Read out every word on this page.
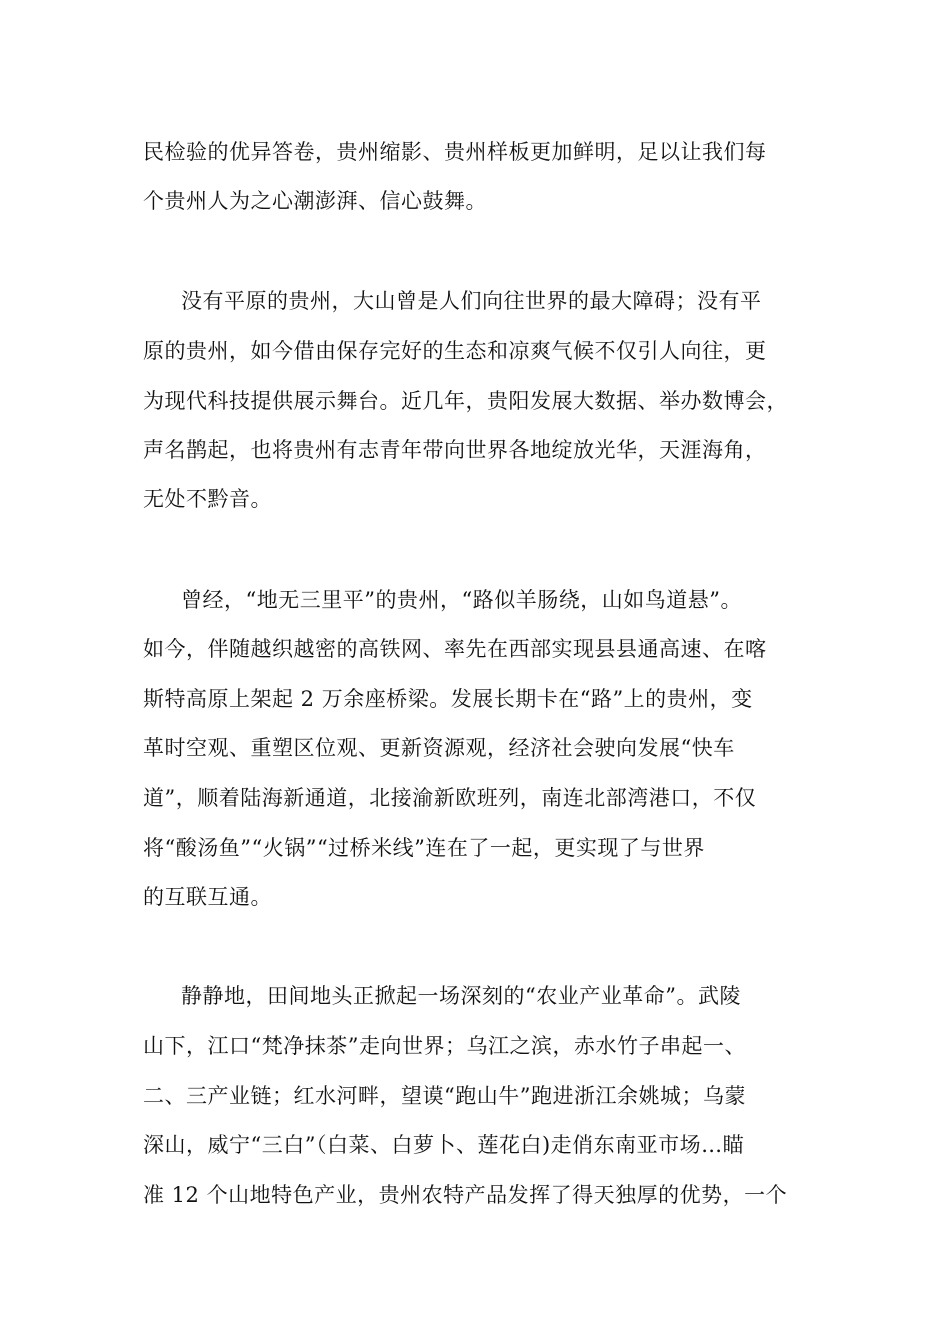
民检验的优异答卷，贵州缩影、贵州样板更加鲜明，足以让我们每
个贵州人为之心潮澎湃、信心鼓舞。
没有平原的贵州，大山曾是人们向往世界的最大障碍；没有平
原的贵州，如今借由保存完好的生态和凉爽气候不仅引人向往，更
为现代科技提供展示舞台。近几年，贵阳发展大数据、举办数博会，
声名鹊起，也将贵州有志青年带向世界各地绽放光华，天涯海角，
无处不黔音。
曾经，“地无三里平”的贵州，“路似羊肠绕，山如鸟道悬”。
如今，伴随越织越密的高铁网、率先在西部实现县县通高速、在喀
斯特高原上架起 2 万余座桥梁。发展长期卡在“路”上的贵州，变
革时空观、重塑区位观、更新资源观，经济社会驶向发展“快车
道”，顺着陆海新通道，北接渝新欧班列，南连北部湾港口，不仅
将“酸汤鱼”“火锅”“过桥米线”连在了一起，更实现了与世界
的互联互通。
静静地，田间地头正掀起一场深刻的“农业产业革命”。武陵
山下，江口“梵净抹茶”走向世界；乌江之滨，赤水竹子串起一、
二、三产业链；红水河畔，望谟“跑山牛”跑进浙江余姚城；乌蒙
深山，威宁“三白”（白菜、白萝卜、莲花白)走俏东南亚市场…瞄
准 12 个山地特色产业，贵州农特产品发挥了得天独厚的优势，一个
